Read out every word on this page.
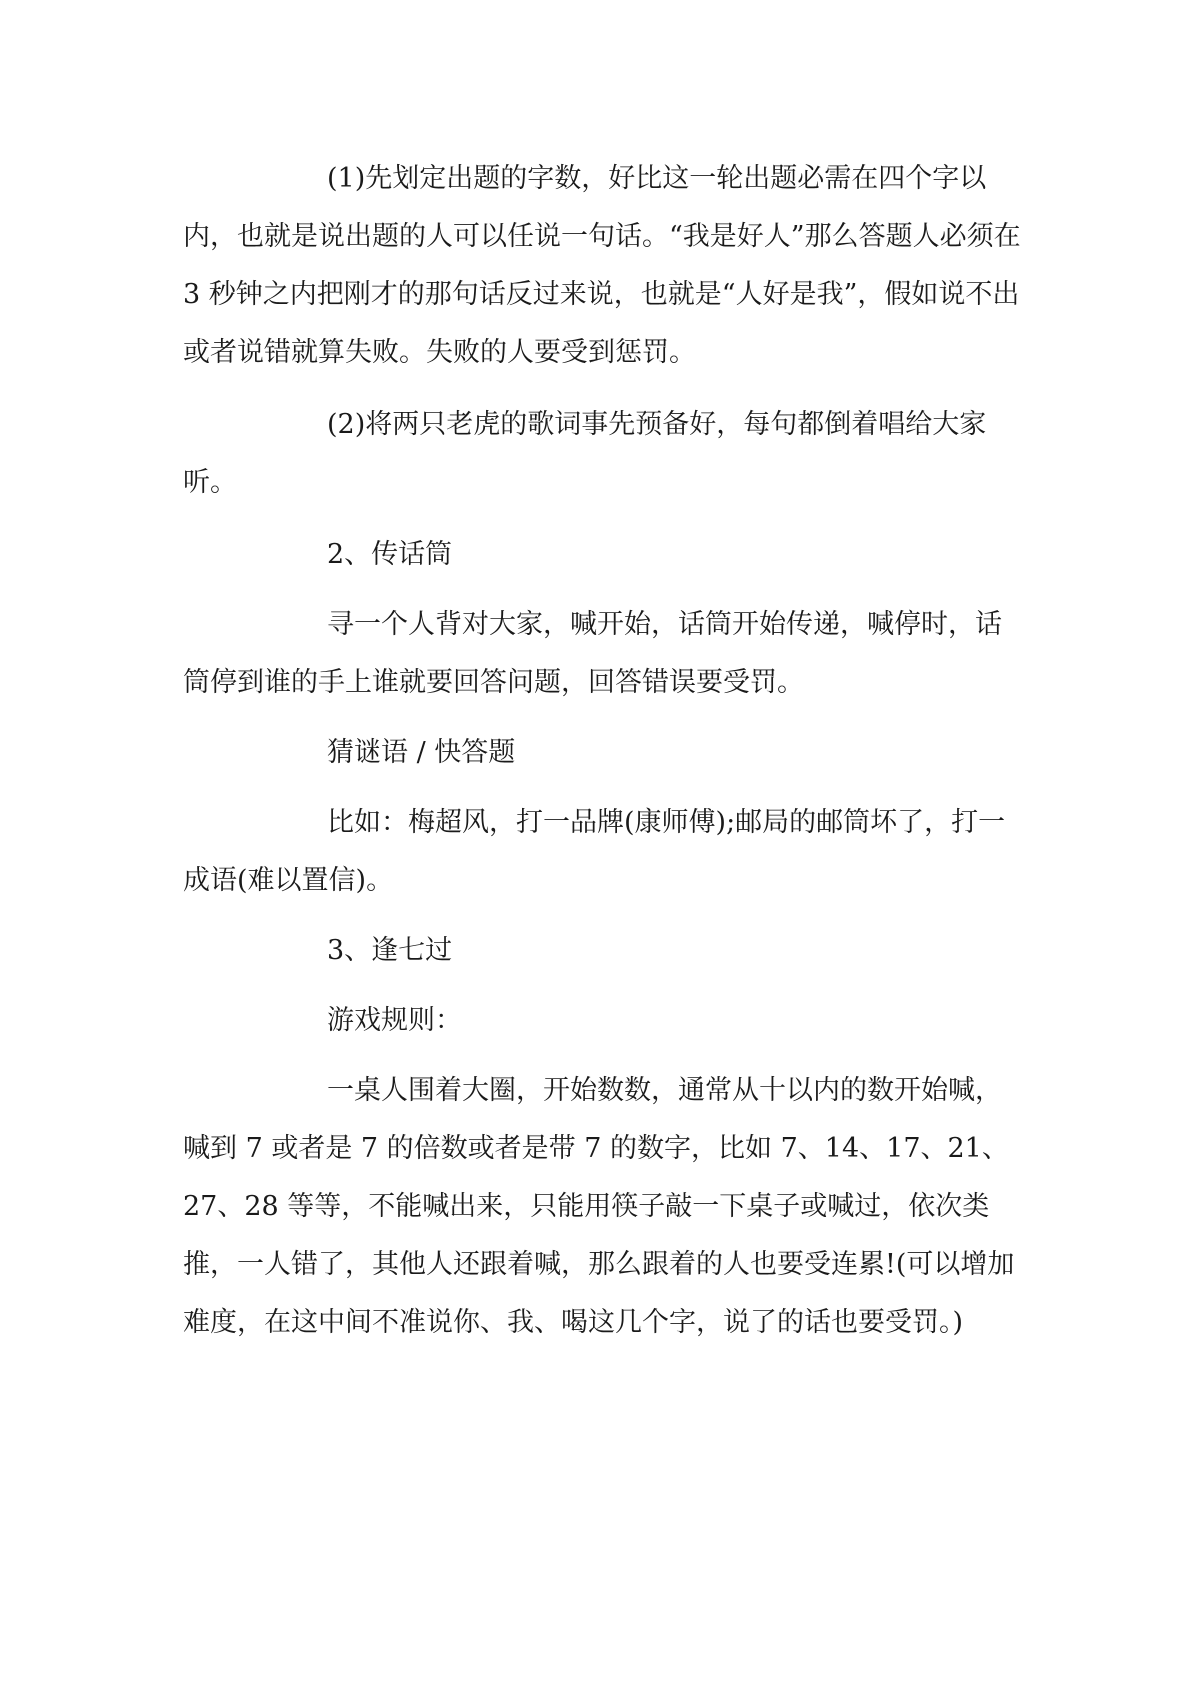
(1)先划定出题的字数，好比这一轮出题必需在四个字以内，也就是说出题的人可以任说一句话。“我是好人”那么答题人必须在 3 秒钟之内把刚才的那句话反过来说，也就是“人好是我”，假如说不出或者说错就算失败。失败的人要受到惩罚。

(2)将两只老虎的歌词事先预备好，每句都倒着唱给大家听。

2、传话筒

寻一个人背对大家，喊开始，话筒开始传递，喊停时，话筒停到谁的手上谁就要回答问题，回答错误要受罚。

猜谜语 / 快答题

比如：梅超风，打一品牌(康师傅);邮局的邮筒坏了，打一成语(难以置信)。

3、逢七过

游戏规则：

一桌人围着大圈，开始数数，通常从十以内的数开始喊，喊到 7 或者是 7 的倍数或者是带 7 的数字，比如 7、14、17、21、27、28 等等，不能喊出来，只能用筷子敲一下桌子或喊过，依次类推，一人错了，其他人还跟着喊，那么跟着的人也要受连累!(可以增加难度，在这中间不准说你、我、喝这几个字，说了的话也要受罚。)
